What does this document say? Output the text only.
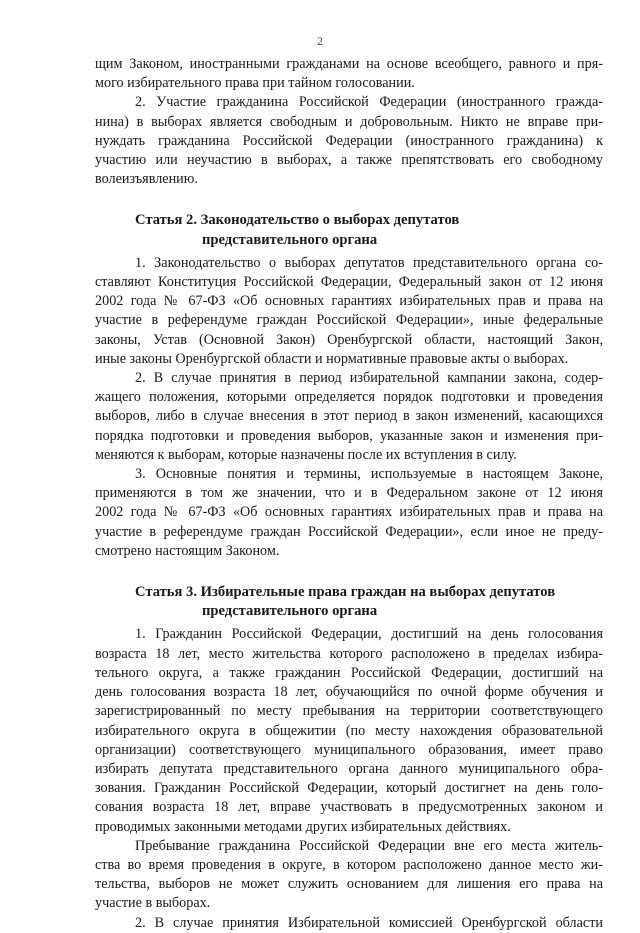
2
щим Законом, иностранными гражданами на основе всеобщего, равного и пря-
мого избирательного права при тайном голосовании.
2. Участие гражданина Российской Федерации (иностранного гражда-
нина) в выборах является свободным и добровольным. Никто не вправе при-
нуждать гражданина Российской Федерации (иностранного гражданина) к
участию или неучастию в выборах, а также препятствовать его свободному
волеизъявлению.
Статья 2. Законодательство о выборах депутатов
представительного органа
1. Законодательство о выборах депутатов представительного органа со-
ставляют Конституция Российской Федерации, Федеральный закон от 12 июня
2002 года № 67-ФЗ «Об основных гарантиях избирательных прав и права на
участие в референдуме граждан Российской Федерации», иные федеральные
законы, Устав (Основной Закон) Оренбургской области, настоящий Закон,
иные законы Оренбургской области и нормативные правовые акты о выборах.
2. В случае принятия в период избирательной кампании закона, содер-
жащего положения, которыми определяется порядок подготовки и проведения
выборов, либо в случае внесения в этот период в закон изменений, касающихся
порядка подготовки и проведения выборов, указанные закон и изменения при-
меняются к выборам, которые назначены после их вступления в силу.
3. Основные понятия и термины, используемые в настоящем Законе,
применяются в том же значении, что и в Федеральном законе от 12 июня
2002 года № 67-ФЗ «Об основных гарантиях избирательных прав и права на
участие в референдуме граждан Российской Федерации», если иное не преду-
смотрено настоящим Законом.
Статья 3. Избирательные права граждан на выборах депутатов
представительного органа
1. Гражданин Российской Федерации, достигший на день голосования
возраста 18 лет, место жительства которого расположено в пределах избира-
тельного округа, а также гражданин Российской Федерации, достигший на
день голосования возраста 18 лет, обучающийся по очной форме обучения и
зарегистрированный по месту пребывания на территории соответствующего
избирательного округа в общежитии (по месту нахождения образовательной
организации) соответствующего муниципального образования, имеет право
избирать депутата представительного органа данного муниципального обра-
зования. Гражданин Российской Федерации, который достигнет на день голо-
сования возраста 18 лет, вправе участвовать в предусмотренных законом и
проводимых законными методами других избирательных действиях.
Пребывание гражданина Российской Федерации вне его места житель-
ства во время проведения в округе, в котором расположено данное место жи-
тельства, выборов не может служить основанием для лишения его права на
участие в выборах.
2. В случае принятия Избирательной комиссией Оренбургской области
